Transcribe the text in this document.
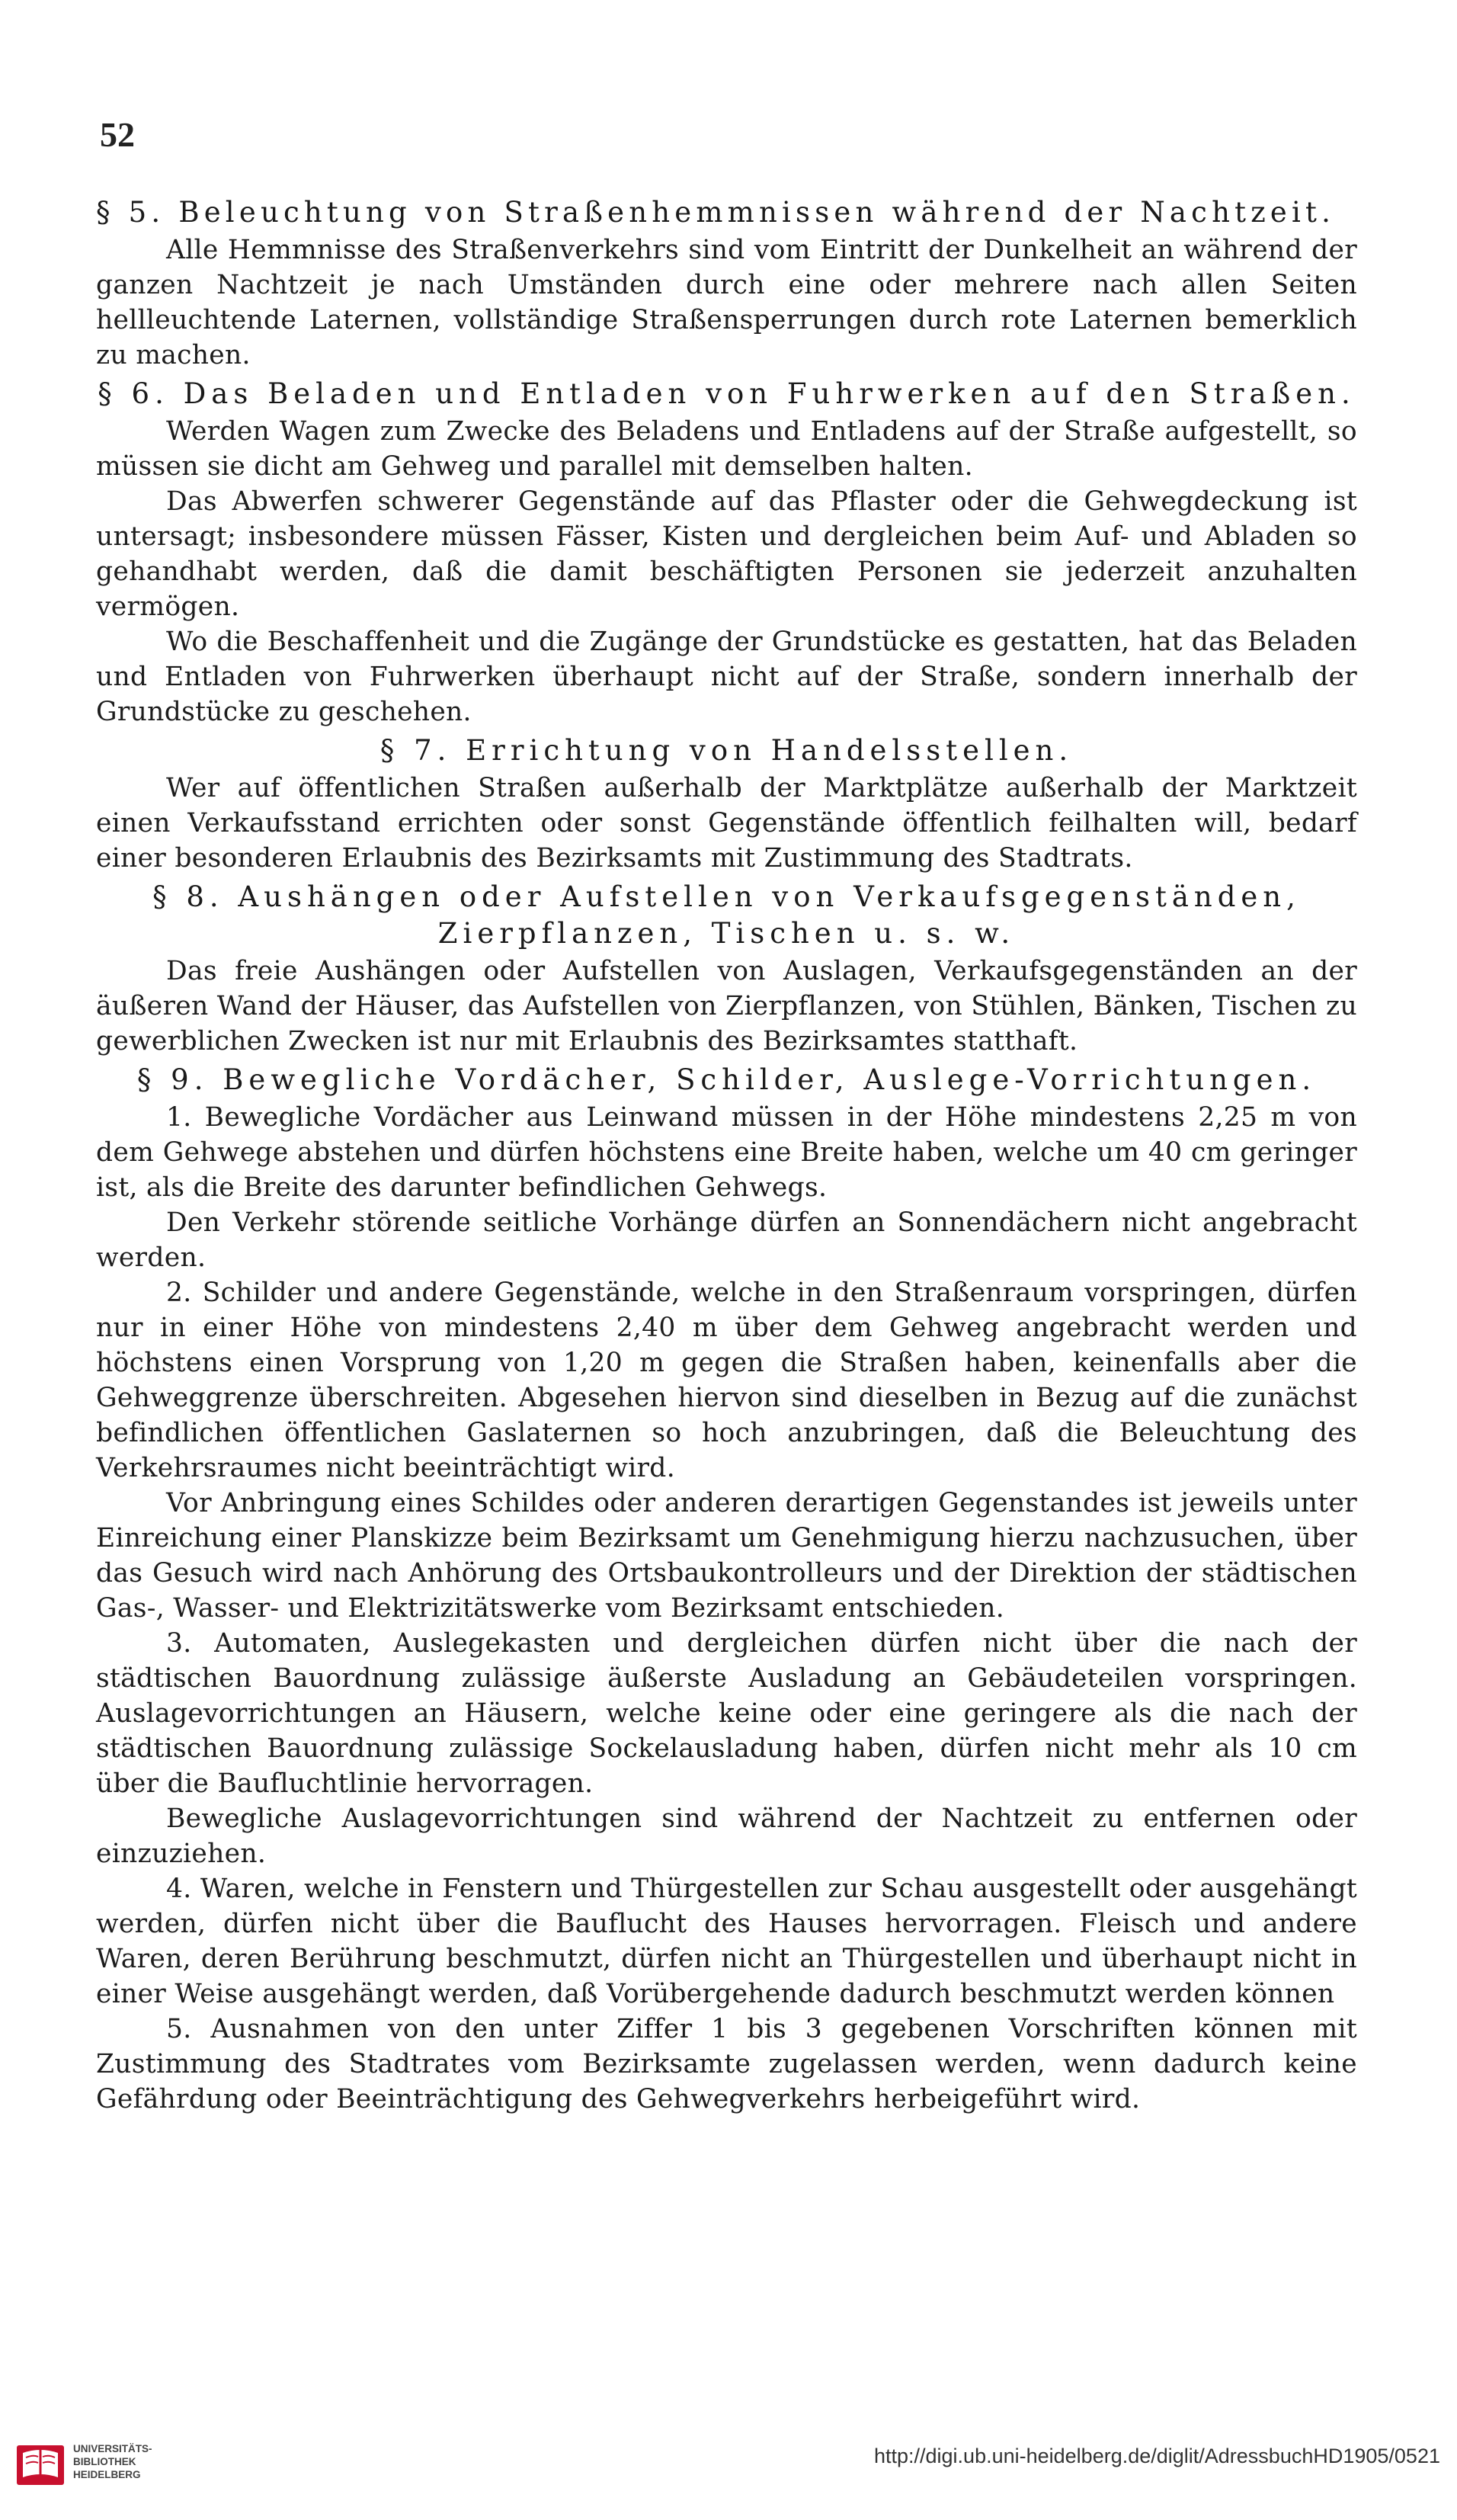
52
§ 5. Beleuchtung von Straßenhemmnissen während der Nachtzeit.

Alle Hemmnisse des Straßenverkehrs sind vom Eintritt der Dunkelheit an während der ganzen Nachtzeit je nach Umständen durch eine oder mehrere nach allen Seiten hellleuchtende Laternen, vollständige Straßensperrungen durch rote Laternen bemerklich zu machen.

§ 6. Das Beladen und Entladen von Fuhrwerken auf den Straßen.

Werden Wagen zum Zwecke des Beladens und Entladens auf der Straße aufgestellt, so müssen sie dicht am Gehweg und parallel mit demselben halten.

Das Abwerfen schwerer Gegenstände auf das Pflaster oder die Gehwegdeckung ist untersagt; insbesondere müssen Fässer, Kisten und dergleichen beim Auf- und Abladen so gehandhabt werden, daß die damit beschäftigten Personen sie jederzeit anzuhalten vermögen.

Wo die Beschaffenheit und die Zugänge der Grundstücke es gestatten, hat das Beladen und Entladen von Fuhrwerken überhaupt nicht auf der Straße, sondern innerhalb der Grundstücke zu geschehen.

§ 7. Errichtung von Handelsstellen.

Wer auf öffentlichen Straßen außerhalb der Marktplätze außerhalb der Marktzeit einen Verkaufsstand errichten oder sonst Gegenstände öffentlich feilhalten will, bedarf einer besonderen Erlaubnis des Bezirksamts mit Zustimmung des Stadtrats.

§ 8. Aushängen oder Aufstellen von Verkaufsgegenständen, Zierpflanzen, Tischen u. s. w.

Das freie Aushängen oder Aufstellen von Auslagen, Verkaufsgegenständen an der äußeren Wand der Häuser, das Aufstellen von Zierpflanzen, von Stühlen, Bänken, Tischen zu gewerblichen Zwecken ist nur mit Erlaubnis des Bezirksamtes statthaft.

§ 9. Bewegliche Vordächer, Schilder, Auslege-Vorrichtungen.

1. Bewegliche Vordächer aus Leinwand müssen in der Höhe mindestens 2,25 m von dem Gehwege abstehen und dürfen höchstens eine Breite haben, welche um 40 cm geringer ist, als die Breite des darunter befindlichen Gehwegs.

Den Verkehr störende seitliche Vorhänge dürfen an Sonnendächern nicht angebracht werden.

2. Schilder und andere Gegenstände, welche in den Straßenraum vorspringen, dürfen nur in einer Höhe von mindestens 2,40 m über dem Gehweg angebracht werden und höchstens einen Vorsprung von 1,20 m gegen die Straßen haben, keinenfalls aber die Gehweggrenze überschreiten. Abgesehen hiervon sind dieselben in Bezug auf die zunächst befindlichen öffentlichen Gaslaternen so hoch anzubringen, daß die Beleuchtung des Verkehrsraumes nicht beeinträchtigt wird.

Vor Anbringung eines Schildes oder anderen derartigen Gegenstandes ist jeweils unter Einreichung einer Planskizze beim Bezirksamt um Genehmigung hierzu nachzusuchen, über das Gesuch wird nach Anhörung des Ortsbaukontrolleurs und der Direktion der städtischen Gas-, Wasser- und Elektrizitätswerke vom Bezirksamt entschieden.

3. Automaten, Auslegekasten und dergleichen dürfen nicht über die nach der städtischen Bauordnung zulässige äußerste Ausladung an Gebäudeteilen vorspringen. Auslagevorrichtungen an Häusern, welche keine oder eine geringere als die nach der städtischen Bauordnung zulässige Sockelausladung haben, dürfen nicht mehr als 10 cm über die Baufluchtlinie hervorragen.

Bewegliche Auslagevorrichtungen sind während der Nachtzeit zu entfernen oder einzuziehen.

4. Waren, welche in Fenstern und Thürgestellen zur Schau ausgestellt oder ausgehängt werden, dürfen nicht über die Bauflucht des Hauses hervorragen. Fleisch und andere Waren, deren Berührung beschmutzt, dürfen nicht an Thürgestellen und überhaupt nicht in einer Weise ausgehängt werden, daß Vorübergehende dadurch beschmutzt werden können

5. Ausnahmen von den unter Ziffer 1 bis 3 gegebenen Vorschriften können mit Zustimmung des Stadtrates vom Bezirksamte zugelassen werden, wenn dadurch keine Gefährdung oder Beeinträchtigung des Gehwegverkehrs herbeigeführt wird.

UNIVERSITÄTS-
BIBLIOTHEK
HEIDELBERG
http://digi.ub.uni-heidelberg.de/diglit/AdressbuchHD1905/0521
